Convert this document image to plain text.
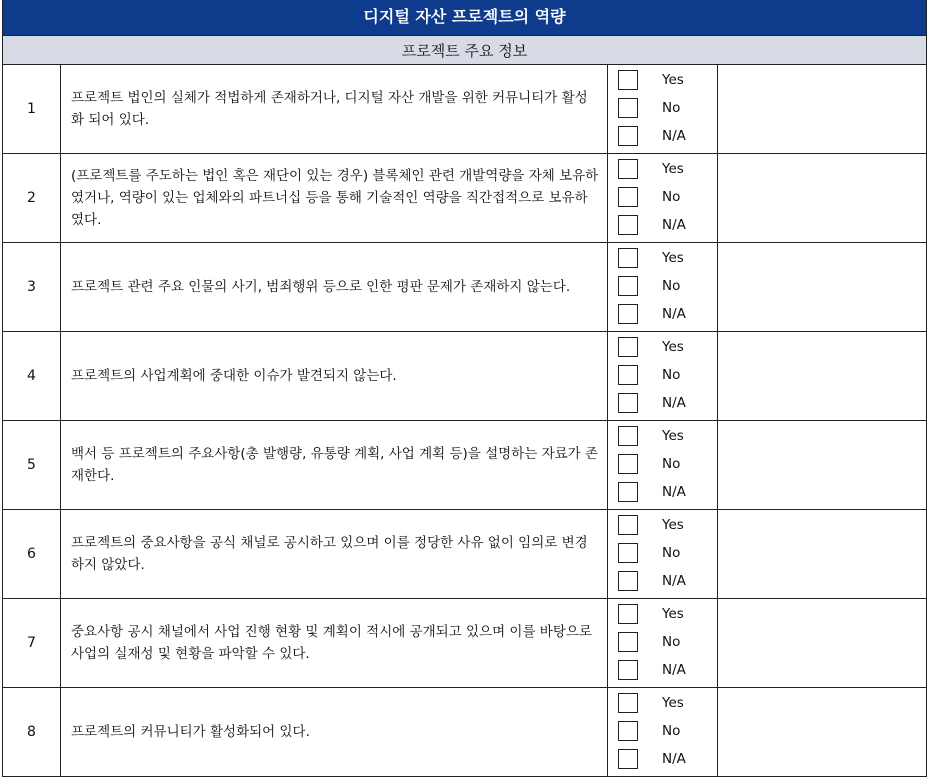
디지털 자산 프로젝트의 역량			
프로젝트 주요 정보			
1	프로젝트 법인의 실체가 적법하게 존재하거나, 디지털 자산 개발을 위한 커뮤니티가 활성화 되어 있다.	Yes
No
N/A	

2	(프로젝트를 주도하는 법인 혹은 재단이 있는 경우) 블록체인 관련 개발역량을 자체 보유하였거나, 역량이 있는 업체와의 파트너십 등을 통해 기술적인 역량을 직간접적으로 보유하였다.	Yes
No
N/A	

3	프로젝트 관련 주요 인물의 사기, 범죄행위 등으로 인한 평판 문제가 존재하지 않는다.	Yes
No
N/A	

4	프로젝트의 사업계획에 중대한 이슈가 발견되지 않는다.	Yes
No
N/A	

5	백서 등 프로젝트의 주요사항(총 발행량, 유통량 계획, 사업 계획 등)을 설명하는 자료가 존재한다.	Yes
No
N/A	

6	프로젝트의 중요사항을 공식 채널로 공시하고 있으며 이를 정당한 사유 없이 임의로 변경하지 않았다.	Yes
No
N/A	

7	중요사항 공시 채널에서 사업 진행 현황 및 계획이 적시에 공개되고 있으며 이를 바탕으로 사업의 실재성 및 현황을 파악할 수 있다.	Yes
No
N/A	

8	프로젝트의 커뮤니티가 활성화되어 있다.	Yes
No
N/A	
